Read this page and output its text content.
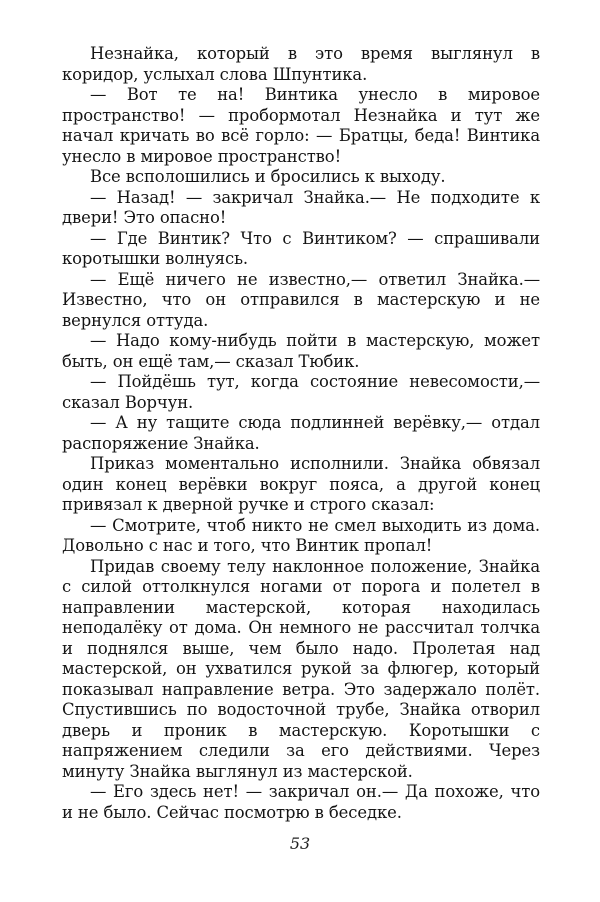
Незнайка, который в это время выглянул в коридор, услыхал слова Шпунтика.

— Вот те на! Винтика унесло в мировое пространство! — пробормотал Незнайка и тут же начал кричать во всё горло: — Братцы, беда! Винтика унесло в мировое пространство!

Все всполошились и бросились к выходу.

— Назад! — закричал Знайка.— Не подходите к двери! Это опасно!

— Где Винтик? Что с Винтиком? — спрашивали коротышки волнуясь.

— Ещё ничего не известно,— ответил Знайка.— Известно, что он отправился в мастерскую и не вернулся оттуда.

— Надо кому-нибудь пойти в мастерскую, может быть, он ещё там,— сказал Тюбик.

— Пойдёшь тут, когда состояние невесомости,— сказал Ворчун.

— А ну тащите сюда подлинней верёвку,— отдал распоряжение Знайка.

Приказ моментально исполнили. Знайка обвязал один конец верёвки вокруг пояса, а другой конец привязал к дверной ручке и строго сказал:

— Смотрите, чтоб никто не смел выходить из дома. Довольно с нас и того, что Винтик пропал!

Придав своему телу наклонное положение, Знайка с силой оттолкнулся ногами от порога и полетел в направлении мастерской, которая находилась неподалёку от дома. Он немного не рассчитал толчка и поднялся выше, чем было надо. Пролетая над мастерской, он ухватился рукой за флюгер, который показывал направление ветра. Это задержало полёт. Спустившись по водосточной трубе, Знайка отворил дверь и проник в мастерскую. Коротышки с напряжением следили за его действиями. Через минуту Знайка выглянул из мастерской.

— Его здесь нет! — закричал он.— Да похоже, что и не было. Сейчас посмотрю в беседке.

53
